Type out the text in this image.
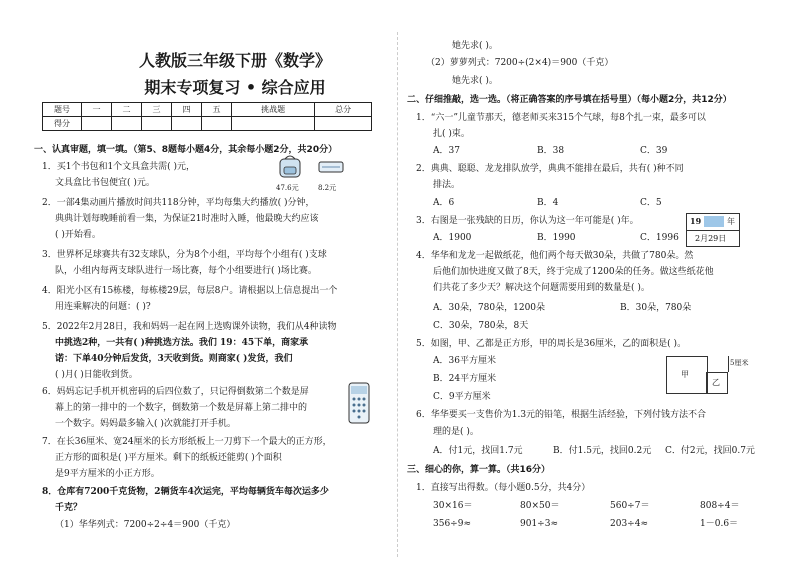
人教版三年级下册《数学》
期末专项复习 • 综合应用
题号	一	二	三	四	五	挑战题	总分
得分							
一、认真审题，填一填。（第5、8题每小题4分，其余每小题2分，共20分）
1．买1个书包和1个文具盒共需( )元，
文具盒比书包便宜( )元。	47.6元	8.2元
2．一部4集动画片播放时间共118分钟，平均每集大约播放( )分钟，
典典计划每晚睡前看一集，为保证21时准时入睡，他最晚大约应该
( )开始看。
3．世界杯足球赛共有32支球队，分为8个小组，平均每个小组有( )支球
队，小组内每两支球队进行一场比赛，每个小组要进行( )场比赛。
4．阳光小区有15栋楼，每栋楼29层，每层8户。请根据以上信息提出一个
用连乘解决的问题：( )?
5．2022年2月28日，我和妈妈一起在网上选购课外读物，我们从4种读物
中挑选2种，一共有( )种挑选方法。我们 19：45下单，商家承
诺：下单40分钟后发货，3天收到货。则商家( )发货，我们
( )月( )日能收到货。
6．妈妈忘记手机开机密码的后四位数了，只记得倒数第二个数是屏
幕上的第一排中的一个数字，倒数第一个数是屏幕上第二排中的
一个数字。妈妈最多输入( )次就能打开手机。
7．在长36厘米、宽24厘米的长方形纸板上一刀剪下一个最大的正方形，
正方形的面积是( )平方厘米。剩下的纸板还能剪( )个面积
是9平方厘米的小正方形。
8．仓库有7200千克货物，2辆货车4次运完，平均每辆货车每次运多少
千克？
（1）华华列式：7200÷2÷4＝900（千克）
她先求( )。
（2）萝萝列式：7200÷(2×4)＝900（千克）
她先求( )。
二、仔细推敲，选一选。（将正确答案的序号填在括号里）（每小题2分，共12分）
1．“六一”儿童节那天，德老师买来315个气球，每8个扎一束，最多可以
扎( )束。
A．37	B．38	C．39
2．典典、聪聪、龙龙排队放学，典典不能排在最后，共有( )种不同
排法。
A．6	B．4	C．5
3．右图是一张残缺的日历，你认为这一年可能是( )年。
A．1900	B．1990	C．1996
19	年
2月29日
4．华华和龙龙一起做纸花，他们两个每天做30朵，共做了780朵。然
后他们加快进度又做了8天，终于完成了1200朵的任务。做这些纸花他
们共花了多少天？解决这个问题需要用到的数量是( )。
A．30朵，780朵，1200朵	B．30朵，780朵
C．30朵，780朵，8天
5．如图，甲、乙都是正方形，甲的周长是36厘米，乙的面积是( )。
A．36平方厘米
B．24平方厘米
C．9平方厘米
甲
乙
5厘米
6．华华要买一支售价为1.3元的铅笔，根据生活经验，下列付钱方法不合
理的是( )。
A．付1元，找回1.7元	B．付1.5元，找回0.2元 C．付2元，找回0.7元
三、细心的你，算一算。（共16分）
1．直接写出得数。（每小题0.5分，共4分）
30×16＝	80×50＝	560÷7＝	808÷4＝
356÷9≈	901÷3≈	203÷4≈	1－0.6＝
